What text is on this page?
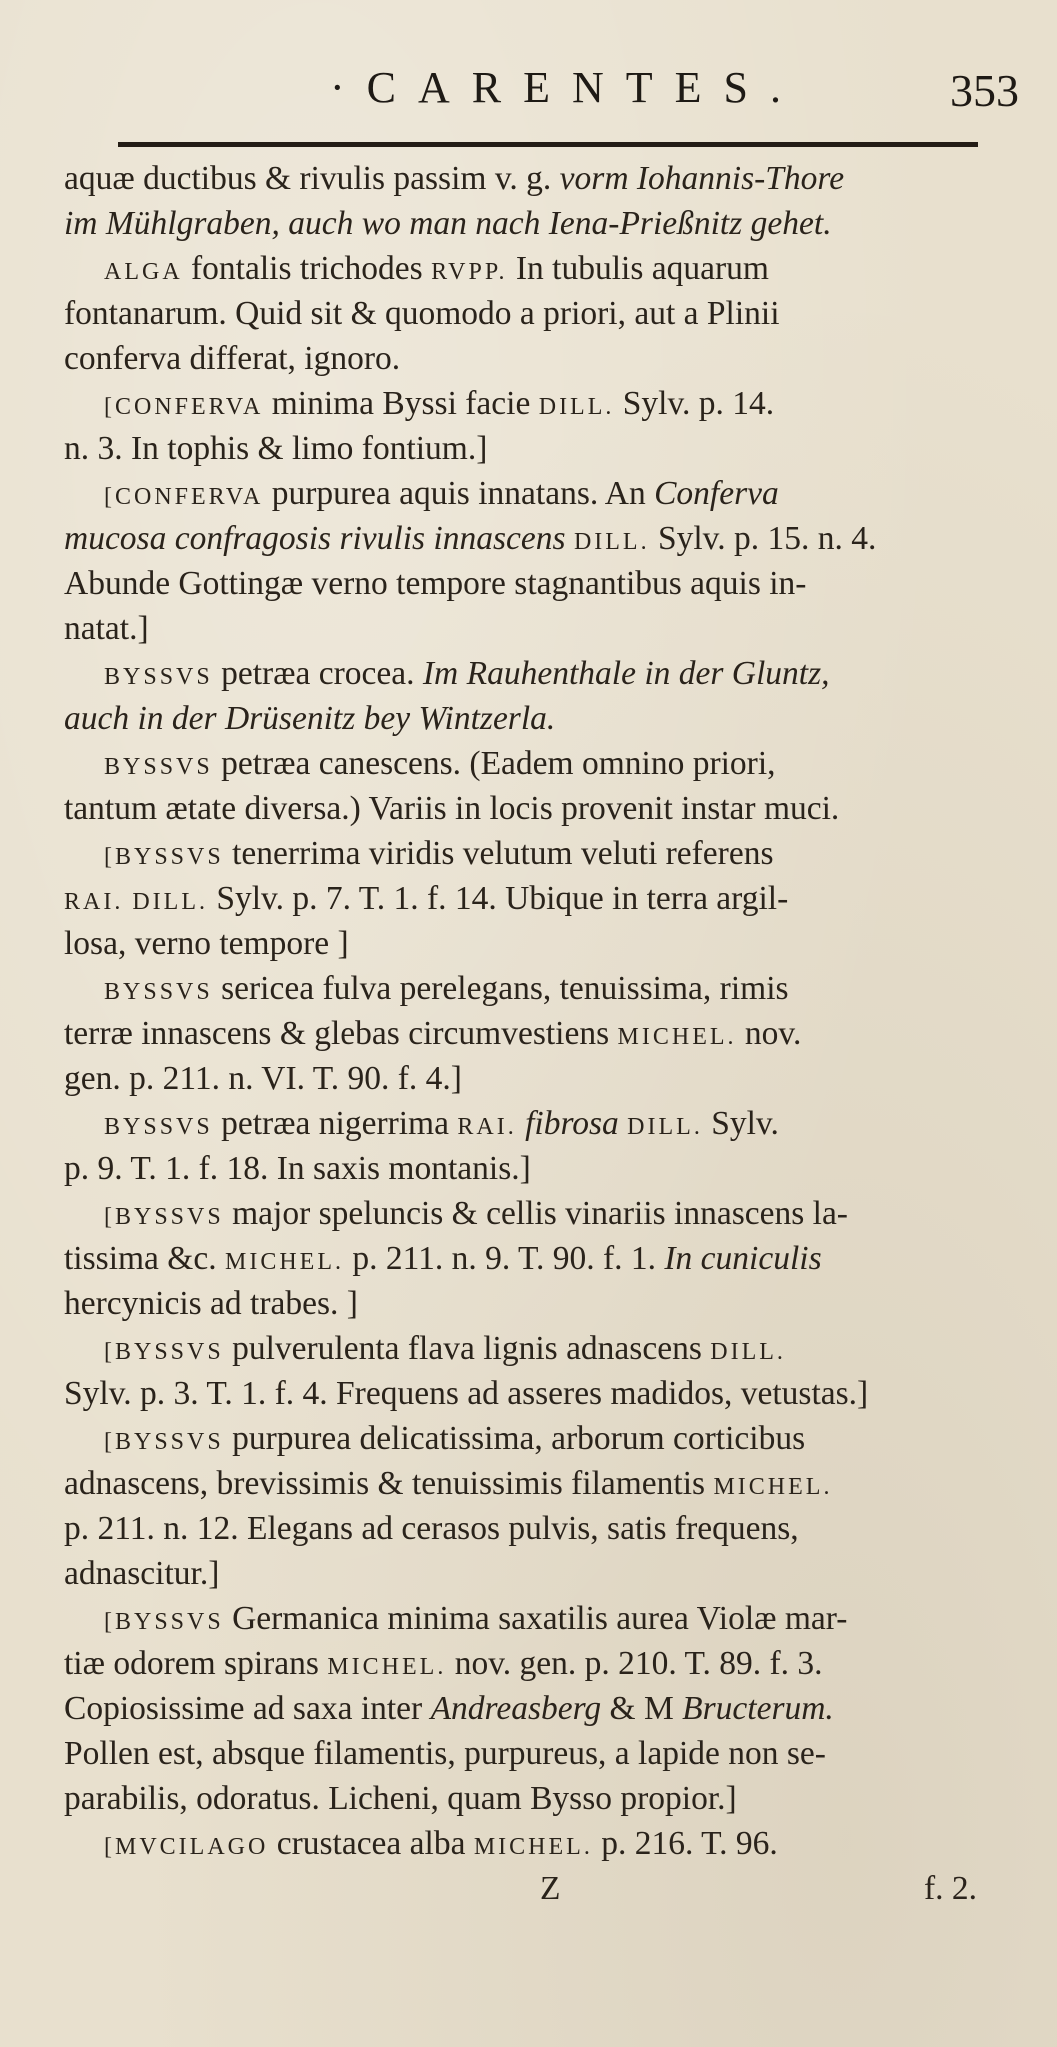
·CARENTES.	353
aquæ ductibus & rivulis passim v. g. vorm Iohannis-Thore
im Mühlgraben, auch wo man nach Iena-Prießnitz gehet.
ALGA fontalis trichodes RVPP. In tubulis aquarum
fontanarum. Quid sit & quomodo a priori, aut a Plinii
conferva differat, ignoro.
[CONFERVA minima Byssi facie DILL. Sylv. p. 14.
n. 3. In tophis & limo fontium.]
[CONFERVA purpurea aquis innatans. An Conferva
mucosa confragosis rivulis innascens DILL. Sylv. p. 15. n. 4.
Abunde Gottingæ verno tempore stagnantibus aquis in-
natat.]
BYSSVS petræa crocea. Im Rauhenthale in der Gluntz,
auch in der Drüsenitz bey Wintzerla.
BYSSVS petræa canescens. (Eadem omnino priori,
tantum ætate diversa.) Variis in locis provenit instar muci.
[BYSSVS tenerrima viridis velutum veluti referens
RAI. DILL. Sylv. p. 7. T. 1. f. 14. Ubique in terra argil-
losa, verno tempore ]
BYSSVS sericea fulva perelegans, tenuissima, rimis
terræ innascens & glebas circumvestiens MICHEL. nov.
gen. p. 211. n. VI. T. 90. f. 4.]
BYSSVS petræa nigerrima RAI. fibrosa DILL. Sylv.
p. 9. T. 1. f. 18. In saxis montanis.]
[BYSSVS major speluncis & cellis vinariis innascens la-
tissima &c. MICHEL. p. 211. n. 9. T. 90. f. 1. In cuniculis
hercynicis ad trabes. ]
[BYSSVS pulverulenta flava lignis adnascens DILL.
Sylv. p. 3. T. 1. f. 4. Frequens ad asseres madidos, vetustas.]
[BYSSVS purpurea delicatissima, arborum corticibus
adnascens, brevissimis & tenuissimis filamentis MICHEL.
p. 211. n. 12. Elegans ad cerasos pulvis, satis frequens,
adnascitur.]
[BYSSVS Germanica minima saxatilis aurea Violæ mar-
tiæ odorem spirans MICHEL. nov. gen. p. 210. T. 89. f. 3.
Copiosissime ad saxa inter Andreasberg & M Bructerum.
Pollen est, absque filamentis, purpureus, a lapide non se-
parabilis, odoratus. Licheni, quam Bysso propior.]
[MVCILAGO crustacea alba MICHEL. p. 216. T. 96.
Z	f. 2.
